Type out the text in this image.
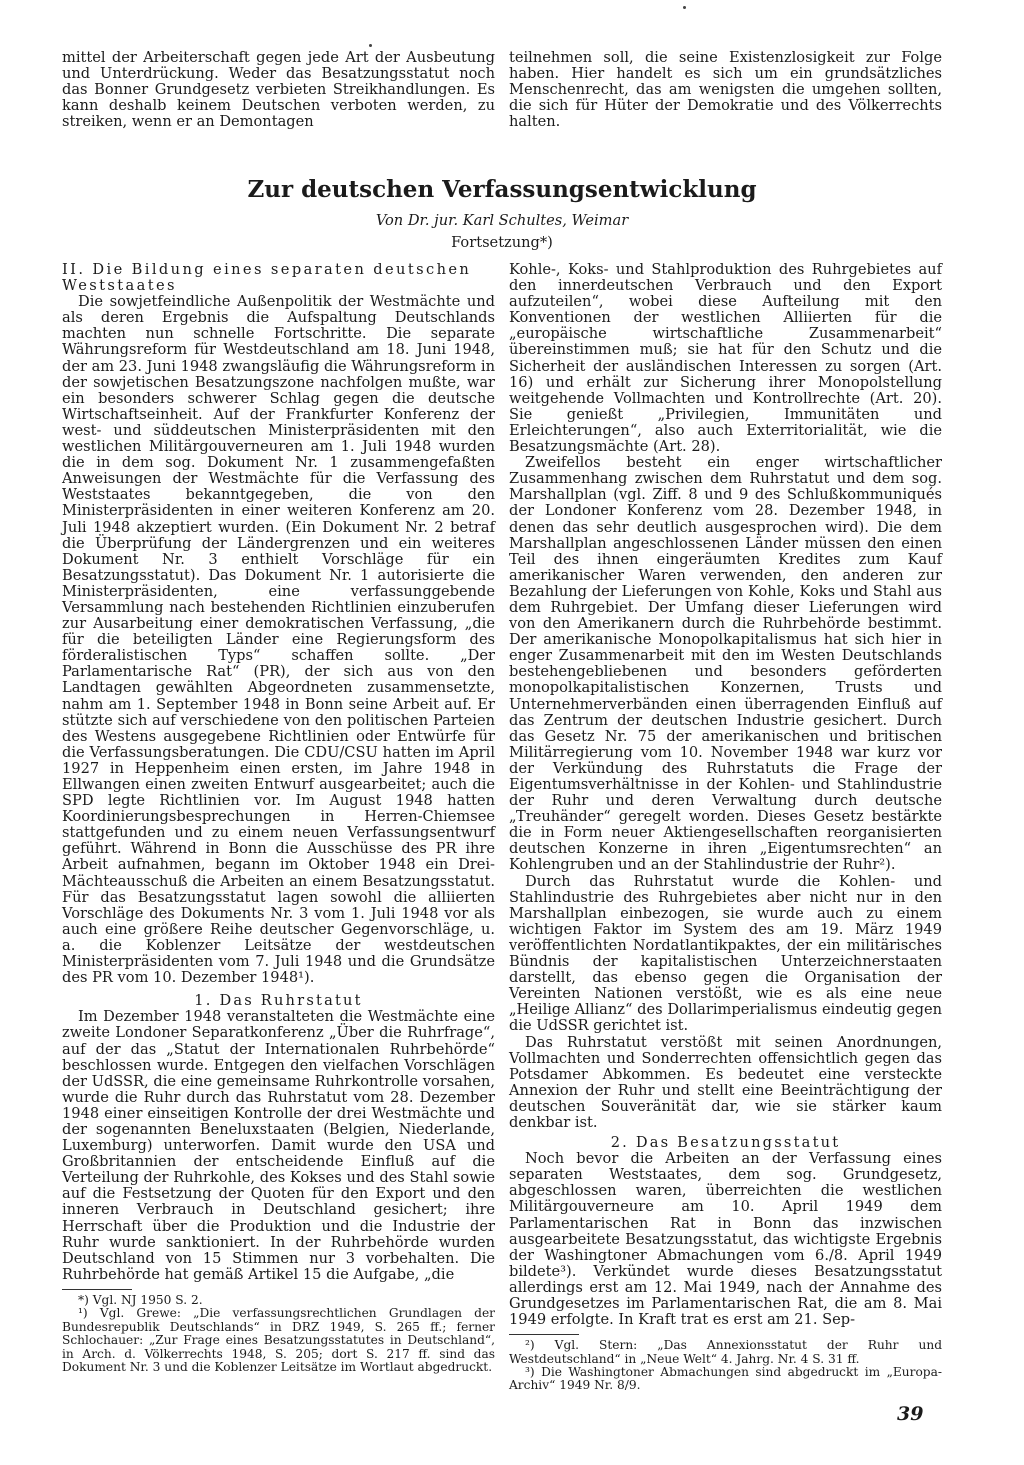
mittel der Arbeiterschaft gegen jede Art der Ausbeutung und Unterdrückung. Weder das Besatzungsstatut noch das Bonner Grundgesetz verbieten Streikhandlungen. Es kann deshalb keinem Deutschen verboten werden, zu streiken, wenn er an Demontagen

teilnehmen soll, die seine Existenzlosigkeit zur Folge haben. Hier handelt es sich um ein grundsätzliches Menschenrecht, das am wenigsten die umgehen sollten, die sich für Hüter der Demokratie und des Völkerrechts halten.

Zur deutschen Verfassungsentwicklung
Von Dr. jur. Karl Schultes, Weimar
Fortsetzung*)
II. Die Bildung eines separaten deutschen Weststaates

Die sowjetfeindliche Außenpolitik der Westmächte und als deren Ergebnis die Aufspaltung Deutschlands machten nun schnelle Fortschritte. Die separate Währungsreform für Westdeutschland am 18. Juni 1948, der am 23. Juni 1948 zwangsläufig die Währungsreform in der sowjetischen Besatzungszone nachfolgen mußte, war ein besonders schwerer Schlag gegen die deutsche Wirtschaftseinheit. Auf der Frankfurter Konferenz der west- und süddeutschen Ministerpräsidenten mit den westlichen Militärgouverneuren am 1. Juli 1948 wurden die in dem sog. Dokument Nr. 1 zusammengefaßten Anweisungen der Westmächte für die Verfassung des Weststaates bekanntgegeben, die von den Ministerpräsidenten in einer weiteren Konferenz am 20. Juli 1948 akzeptiert wurden. (Ein Dokument Nr. 2 betraf die Überprüfung der Ländergrenzen und ein weiteres Dokument Nr. 3 enthielt Vorschläge für ein Besatzungsstatut). Das Dokument Nr. 1 autorisierte die Ministerpräsidenten, eine verfassunggebende Versammlung nach bestehenden Richtlinien einzuberufen zur Ausarbeitung einer demokratischen Verfassung, „die für die beteiligten Länder eine Regierungsform des förderalistischen Typs“ schaffen sollte. „Der Parlamentarische Rat“ (PR), der sich aus von den Landtagen gewählten Abgeordneten zusammensetzte, nahm am 1. September 1948 in Bonn seine Arbeit auf. Er stützte sich auf verschiedene von den politischen Parteien des Westens ausgegebene Richtlinien oder Entwürfe für die Verfassungsberatungen. Die CDU/CSU hatten im April 1927 in Heppenheim einen ersten, im Jahre 1948 in Ellwangen einen zweiten Entwurf ausgearbeitet; auch die SPD legte Richtlinien vor. Im August 1948 hatten Koordinierungsbesprechungen in Herren-Chiemsee stattgefunden und zu einem neuen Verfassungsentwurf geführt. Während in Bonn die Ausschüsse des PR ihre Arbeit aufnahmen, begann im Oktober 1948 ein Drei-Mächteausschuß die Arbeiten an einem Besatzungsstatut. Für das Besatzungsstatut lagen sowohl die alliierten Vorschläge des Dokuments Nr. 3 vom 1. Juli 1948 vor als auch eine größere Reihe deutscher Gegenvorschläge, u. a. die Koblenzer Leitsätze der westdeutschen Ministerpräsidenten vom 7. Juli 1948 und die Grundsätze des PR vom 10. Dezember 1948¹).

1. Das Ruhrstatut

Im Dezember 1948 veranstalteten die Westmächte eine zweite Londoner Separatkonferenz „Über die Ruhrfrage“, auf der das „Statut der Internationalen Ruhrbehörde“ beschlossen wurde. Entgegen den vielfachen Vorschlägen der UdSSR, die eine gemeinsame Ruhrkontrolle vorsahen, wurde die Ruhr durch das Ruhrstatut vom 28. Dezember 1948 einer einseitigen Kontrolle der drei Westmächte und der sogenannten Beneluxstaaten (Belgien, Niederlande, Luxemburg) unterworfen. Damit wurde den USA und Großbritannien der entscheidende Einfluß auf die Verteilung der Ruhrkohle, des Kokses und des Stahl sowie auf die Festsetzung der Quoten für den Export und den inneren Verbrauch in Deutschland gesichert; ihre Herrschaft über die Produktion und die Industrie der Ruhr wurde sanktioniert. In der Ruhrbehörde wurden Deutschland von 15 Stimmen nur 3 vorbehalten. Die Ruhrbehörde hat gemäß Artikel 15 die Aufgabe, „die

*) Vgl. NJ 1950 S. 2.

¹) Vgl. Grewe: „Die verfassungsrechtlichen Grundlagen der Bundesrepublik Deutschlands“ in DRZ 1949, S. 265 ff.; ferner Schlochauer: „Zur Frage eines Besatzungsstatutes in Deutschland“, in Arch. d. Völkerrechts 1948, S. 205; dort S. 217 ff. sind das Dokument Nr. 3 und die Koblenzer Leitsätze im Wortlaut abgedruckt.

Kohle-, Koks- und Stahlproduktion des Ruhrgebietes auf den innerdeutschen Verbrauch und den Export aufzuteilen“, wobei diese Aufteilung mit den Konventionen der westlichen Alliierten für die „europäische wirtschaftliche Zusammenarbeit“ übereinstimmen muß; sie hat für den Schutz und die Sicherheit der ausländischen Interessen zu sorgen (Art. 16) und erhält zur Sicherung ihrer Monopolstellung weitgehende Vollmachten und Kontrollrechte (Art. 20). Sie genießt „Privilegien, Immunitäten und Erleichterungen“, also auch Exterritorialität, wie die Besatzungsmächte (Art. 28).

Zweifellos besteht ein enger wirtschaftlicher Zusammenhang zwischen dem Ruhrstatut und dem sog. Marshallplan (vgl. Ziff. 8 und 9 des Schlußkommuniqués der Londoner Konferenz vom 28. Dezember 1948, in denen das sehr deutlich ausgesprochen wird). Die dem Marshallplan angeschlossenen Länder müssen den einen Teil des ihnen eingeräumten Kredites zum Kauf amerikanischer Waren verwenden, den anderen zur Bezahlung der Lieferungen von Kohle, Koks und Stahl aus dem Ruhrgebiet. Der Umfang dieser Lieferungen wird von den Amerikanern durch die Ruhrbehörde bestimmt. Der amerikanische Monopolkapitalismus hat sich hier in enger Zusammenarbeit mit den im Westen Deutschlands bestehengebliebenen und besonders geförderten monopolkapitalistischen Konzernen, Trusts und Unternehmerverbänden einen überragenden Einfluß auf das Zentrum der deutschen Industrie gesichert. Durch das Gesetz Nr. 75 der amerikanischen und britischen Militärregierung vom 10. November 1948 war kurz vor der Verkündung des Ruhrstatuts die Frage der Eigentumsverhältnisse in der Kohlen- und Stahlindustrie der Ruhr und deren Verwaltung durch deutsche „Treuhänder“ geregelt worden. Dieses Gesetz bestärkte die in Form neuer Aktiengesellschaften reorganisierten deutschen Konzerne in ihren „Eigentumsrechten“ an Kohlengruben und an der Stahlindustrie der Ruhr²).

Durch das Ruhrstatut wurde die Kohlen- und Stahlindustrie des Ruhrgebietes aber nicht nur in den Marshallplan einbezogen, sie wurde auch zu einem wichtigen Faktor im System des am 19. März 1949 veröffentlichten Nordatlantikpaktes, der ein militärisches Bündnis der kapitalistischen Unterzeichnerstaaten darstellt, das ebenso gegen die Organisation der Vereinten Nationen verstößt, wie es als eine neue „Heilige Allianz“ des Dollarimperialismus eindeutig gegen die UdSSR gerichtet ist.

Das Ruhrstatut verstößt mit seinen Anordnungen, Vollmachten und Sonderrechten offensichtlich gegen das Potsdamer Abkommen. Es bedeutet eine versteckte Annexion der Ruhr und stellt eine Beeinträchtigung der deutschen Souveränität dar, wie sie stärker kaum denkbar ist.

2. Das Besatzungsstatut

Noch bevor die Arbeiten an der Verfassung eines separaten Weststaates, dem sog. Grundgesetz, abgeschlossen waren, überreichten die westlichen Militärgouverneure am 10. April 1949 dem Parlamentarischen Rat in Bonn das inzwischen ausgearbeitete Besatzungsstatut, das wichtigste Ergebnis der Washingtoner Abmachungen vom 6./8. April 1949 bildete³). Verkündet wurde dieses Besatzungsstatut allerdings erst am 12. Mai 1949, nach der Annahme des Grundgesetzes im Parlamentarischen Rat, die am 8. Mai 1949 erfolgte. In Kraft trat es erst am 21. Sep-

²) Vgl. Stern: „Das Annexionsstatut der Ruhr und Westdeutschland“ in „Neue Welt“ 4. Jahrg. Nr. 4 S. 31 ff.

³) Die Washingtoner Abmachungen sind abgedruckt im „Europa-Archiv“ 1949 Nr. 8/9.

39
